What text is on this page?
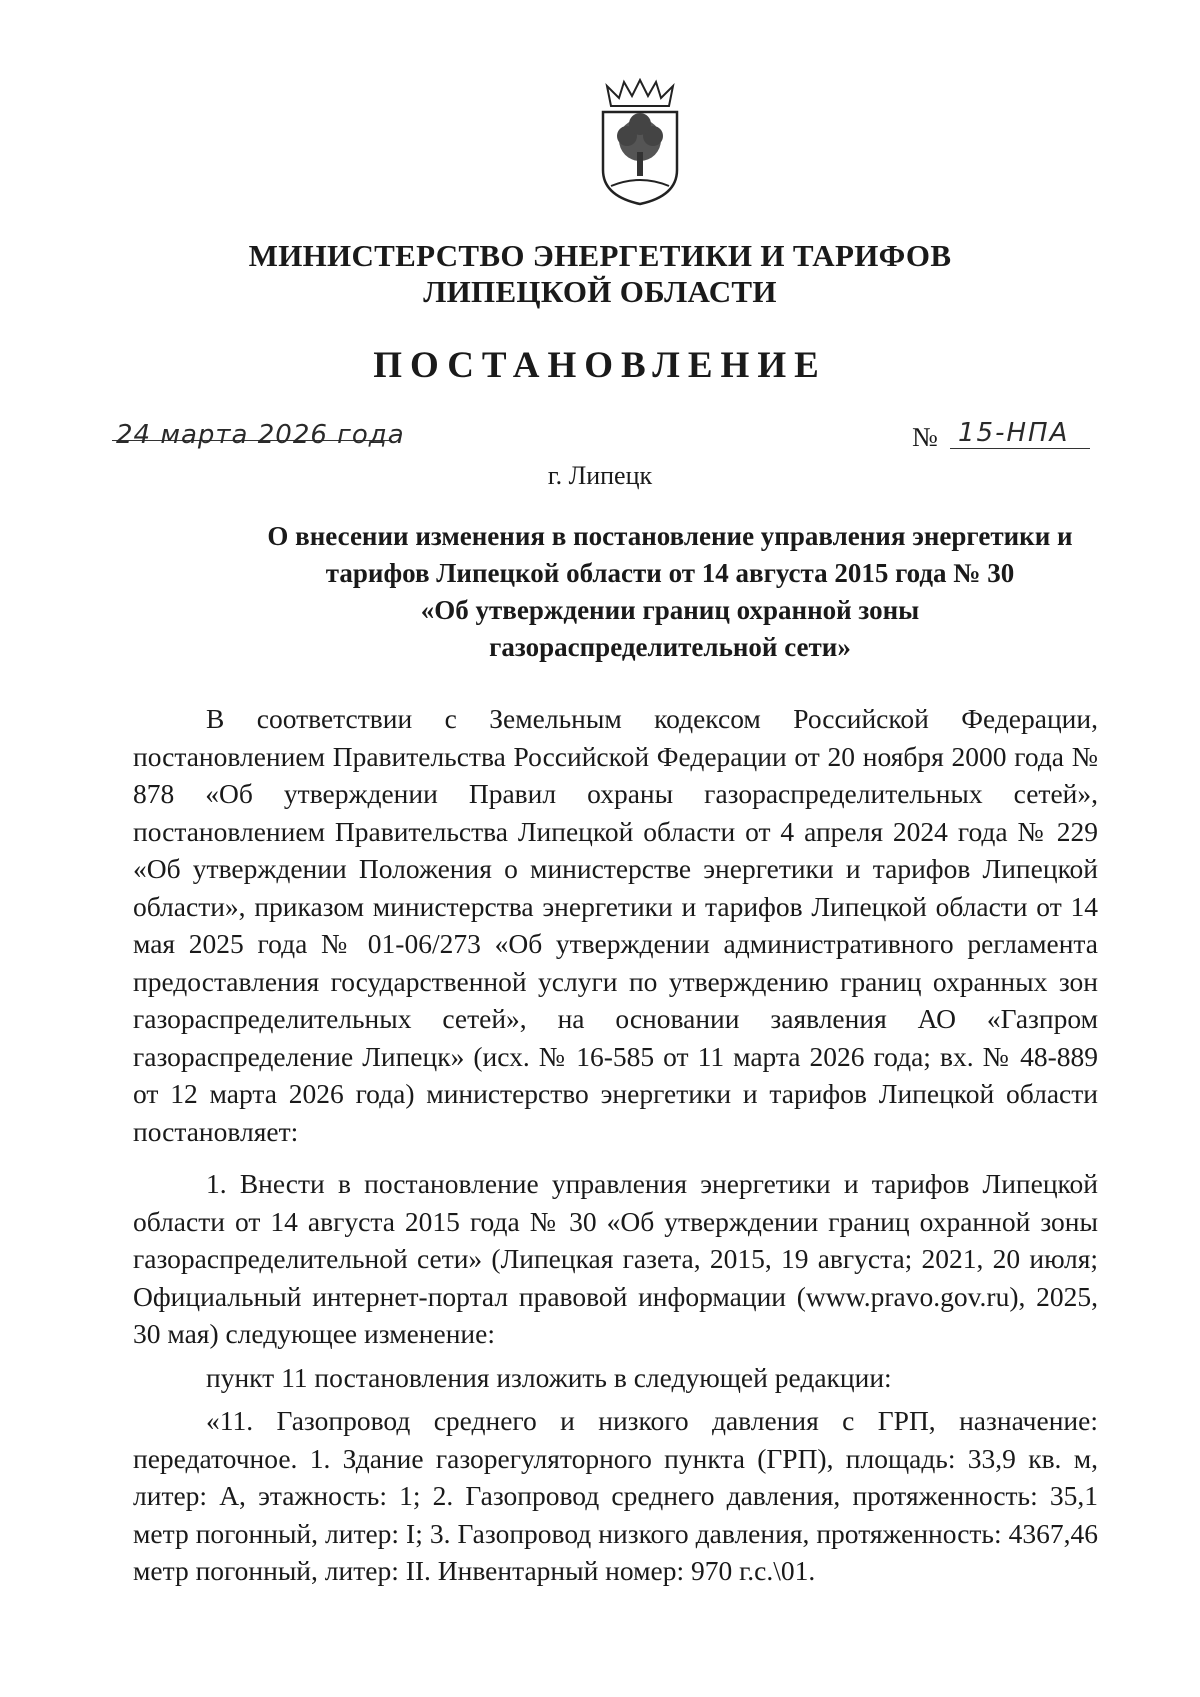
МИНИСТЕРСТВО ЭНЕРГЕТИКИ И ТАРИФОВ
ЛИПЕЦКОЙ ОБЛАСТИ
ПОСТАНОВЛЕНИЕ
24 марта 2026 года	№ 15-НПА
г. Липецк
О внесении изменения в постановление управления энергетики и
тарифов Липецкой области от 14 августа 2015 года № 30
«Об утверждении границ охранной зоны
газораспределительной сети»

В соответствии с Земельным кодексом Российской Федерации, постановлением Правительства Российской Федерации от 20 ноября 2000 года № 878 «Об утверждении Правил охраны газораспределительных сетей», постановлением Правительства Липецкой области от 4 апреля 2024 года № 229 «Об утверждении Положения о министерстве энергетики и тарифов Липецкой области», приказом министерства энергетики и тарифов Липецкой области от 14 мая 2025 года № 01-06/273 «Об утверждении административного регламента предоставления государственной услуги по утверждению границ охранных зон газораспределительных сетей», на основании заявления АО «Газпром газораспределение Липецк» (исх. № 16-585 от 11 марта 2026 года; вх. № 48-889 от 12 марта 2026 года) министерство энергетики и тарифов Липецкой области постановляет:

1. Внести в постановление управления энергетики и тарифов Липецкой области от 14 августа 2015 года № 30 «Об утверждении границ охранной зоны газораспределительной сети» (Липецкая газета, 2015, 19 августа; 2021, 20 июля; Официальный интернет-портал правовой информации (www.pravo.gov.ru), 2025, 30 мая) следующее изменение:

пункт 11 постановления изложить в следующей редакции:

«11. Газопровод среднего и низкого давления с ГРП, назначение: передаточное. 1. Здание газорегуляторного пункта (ГРП), площадь: 33,9 кв. м, литер: А, этажность: 1; 2. Газопровод среднего давления, протяженность: 35,1 метр погонный, литер: I; 3. Газопровод низкого давления, протяженность: 4367,46 метр погонный, литер: II. Инвентарный номер: 970 г.с.\01.
